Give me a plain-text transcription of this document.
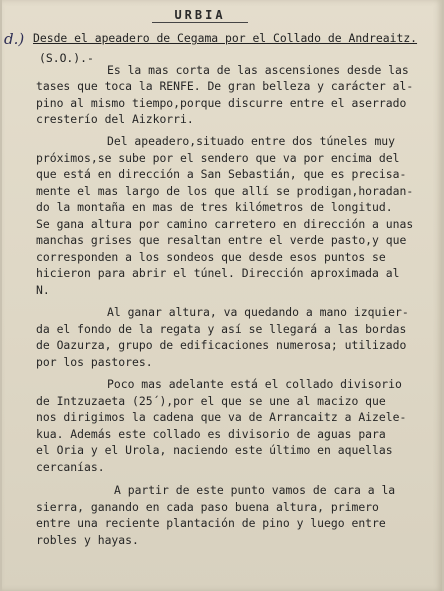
URBIA
d.) Desde el apeadero de Cegama por el Collado de Andreaitz.
(S.O.).-
Es la mas corta de las ascensiones desde las
tases que toca la RENFE. De gran belleza y carácter al-
pino al mismo tiempo,porque discurre entre el aserrado
cresterío del Aizkorri.
Del apeadero,situado entre dos túneles muy
próximos,se sube por el sendero que va por encima del
que está en dirección a San Sebastián, que es precisa-
mente el mas largo de los que allí se prodigan,horadan-
do la montaña en mas de tres kilómetros de longitud.
Se gana altura por camino carretero en dirección a unas
manchas grises que resaltan entre el verde pasto,y que
corresponden a los sondeos que desde esos puntos se
hicieron para abrir el túnel. Dirección aproximada al
N.
Al ganar altura, va quedando a mano izquier-
da el fondo de la regata y así se llegará a las bordas
de Oazurza, grupo de edificaciones numerosa; utilizado
por los pastores.
Poco mas adelante está el collado divisorio
de Intzuzaeta (25´),por el que se une al macizo que
nos dirigimos la cadena que va de Arrancaitz a Aizele-
kua. Además este collado es divisorio de aguas para
el Oria y el Urola, naciendo este último en aquellas
cercanías.
A partir de este punto vamos de cara a la
sierra, ganando en cada paso buena altura, primero
entre una reciente plantación de pino y luego entre
robles y hayas.
